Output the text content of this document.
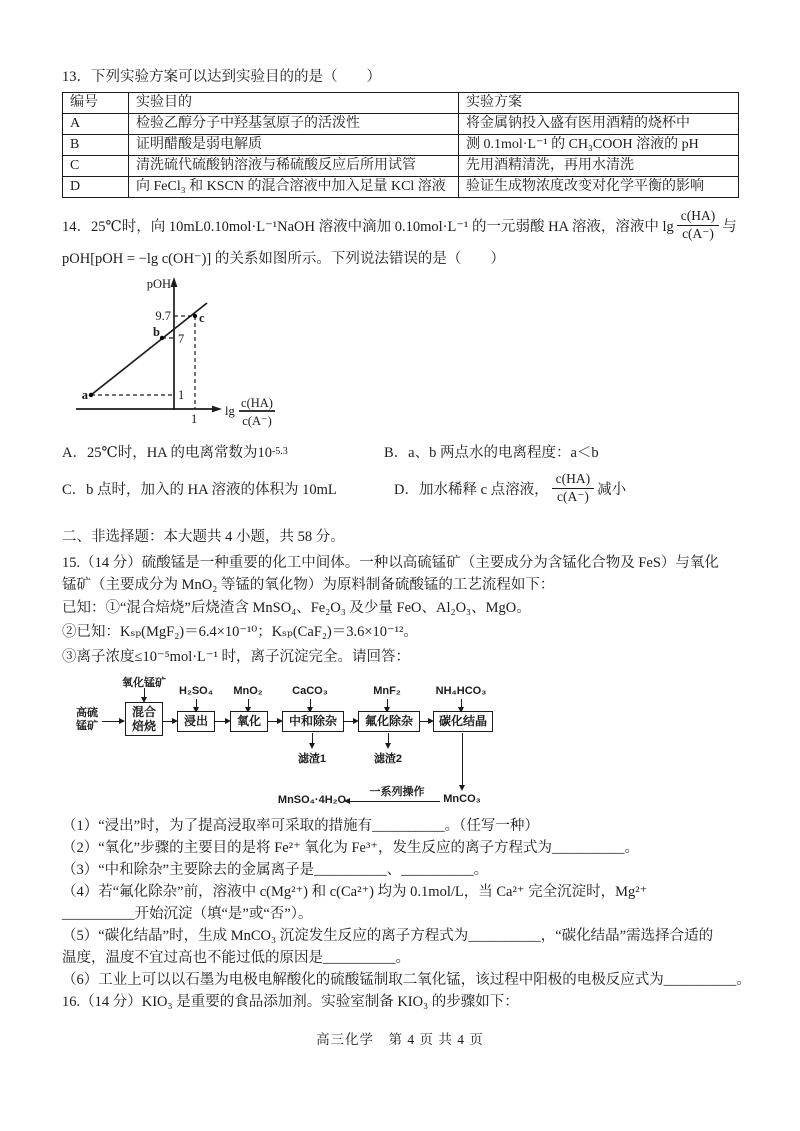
13．下列实验方案可以达到实验目的的是（　　）
编号	实验目的	实验方案
A	检验乙醇分子中羟基氢原子的活泼性	将金属钠投入盛有医用酒精的烧杯中
B	证明醋酸是弱电解质	测 0.1mol·L⁻¹ 的 CH₃COOH 溶液的 pH
C	清洗硫代硫酸钠溶液与稀硫酸反应后所用试管	先用酒精清洗，再用水清洗
D	向 FeCl₃ 和 KSCN 的混合溶液中加入足量 KCl 溶液	验证生成物浓度改变对化学平衡的影响
14．25℃时，向 10mL0.10mol·L⁻¹NaOH 溶液中滴加 0.10mol·L⁻¹ 的一元弱酸 HA 溶液，溶液中 $\lg \frac{c(HA)}{c(A^-)}$ 与
pOH[pOH = −lg c(OH⁻)] 的关系如图所示。下列说法错误的是（　　）
pOH
9.7
7
1
1
a
b
c
lg
c(HA)
c(A⁻)
A．25℃时，HA 的电离常数为10 -5.3	B．a、b 两点水的电离程度：a＜b
C．b 点时，加入的 HA 溶液的体积为 10mL	D．加水稀释 c 点溶液， $\frac{c(HA)}{c(A^-)}$ 减小
二、非选择题：本大题共 4 小题，共 58 分。
15.（14 分）硫酸锰是一种重要的化工中间体。一种以高硫锰矿（主要成分为含锰化合物及 FeS）与氧化
锰矿（主要成分为 MnO₂ 等锰的氧化物）为原料制备硫酸锰的工艺流程如下：
已知：①“混合焙烧”后烧渣含 MnSO₄、Fe₂O₃ 及少量 FeO、Al₂O₃、MgO。
②已知：Kₛₚ(MgF₂)＝6.4×10⁻¹⁰；Kₛₚ(CaF₂)＝3.6×10⁻¹²。
③离子浓度≤10⁻⁵mol·L⁻¹ 时，离子沉淀完全。请回答：
氧化锰矿
H₂SO₄ MnO₂	CaCO₃	MnF₂	NH₄HCO₃
高硫锰矿
混合焙烧	浸出	氧化	中和除杂	氟化除杂	碳化结晶
滤渣1	滤渣2
MnCO₃
一系列操作
MnSO₄·4H₂O
（1）“浸出”时，为了提高浸取率可采取的措施有__________。（任写一种）
（2）“氧化”步骤的主要目的是将 Fe²⁺ 氧化为 Fe³⁺，发生反应的离子方程式为__________。
（3）“中和除杂”主要除去的金属离子是__________、__________。
（4）若“氟化除杂”前，溶液中 c(Mg²⁺) 和 c(Ca²⁺) 均为 0.1mol/L，当 Ca²⁺ 完全沉淀时，Mg²⁺
__________开始沉淀（填“是”或“否”）。
（5）“碳化结晶”时，生成 MnCO₃ 沉淀发生反应的离子方程式为__________，“碳化结晶”需选择合适的
温度，温度不宜过高也不能过低的原因是__________。
（6）工业上可以以石墨为电极电解酸化的硫酸锰制取二氧化锰，该过程中阳极的电极反应式为__________。
16.（14 分）KIO₃ 是重要的食品添加剂。实验室制备 KIO₃ 的步骤如下：
高三化学　第 4 页 共 4 页
